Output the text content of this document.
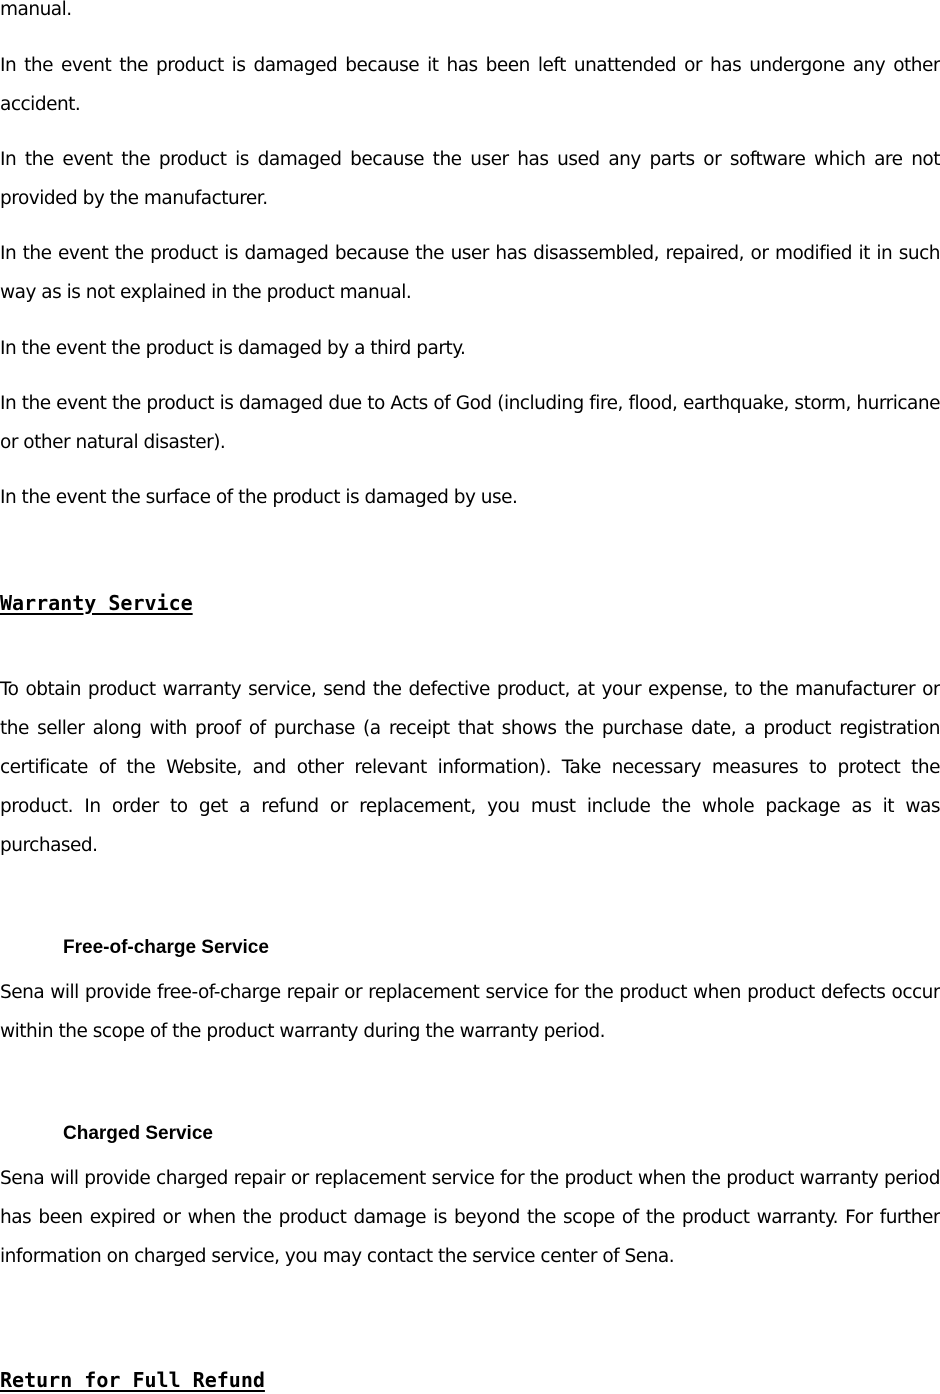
manual.

In the event the product is damaged because it has been left unattended or has undergone any other accident.

In the event the product is damaged because the user has used any parts or software which are not provided by the manufacturer.

In the event the product is damaged because the user has disassembled, repaired, or modified it in such way as is not explained in the product manual.

In the event the product is damaged by a third party.

In the event the product is damaged due to Acts of God (including fire, flood, earthquake, storm, hurricane or other natural disaster).

In the event the surface of the product is damaged by use.

Warranty Service

To obtain product warranty service, send the defective product, at your expense, to the manufacturer or the seller along with proof of purchase (a receipt that shows the purchase date, a product registration certificate of the Website, and other relevant information). Take necessary measures to protect the product. In order to get a refund or replacement, you must include the whole package as it was purchased.

Free-of-charge Service

Sena will provide free-of-charge repair or replacement service for the product when product defects occur within the scope of the product warranty during the warranty period.

Charged Service

Sena will provide charged repair or replacement service for the product when the product warranty period has been expired or when the product damage is beyond the scope of the product warranty. For further information on charged service, you may contact the service center of Sena.

Return for Full Refund
